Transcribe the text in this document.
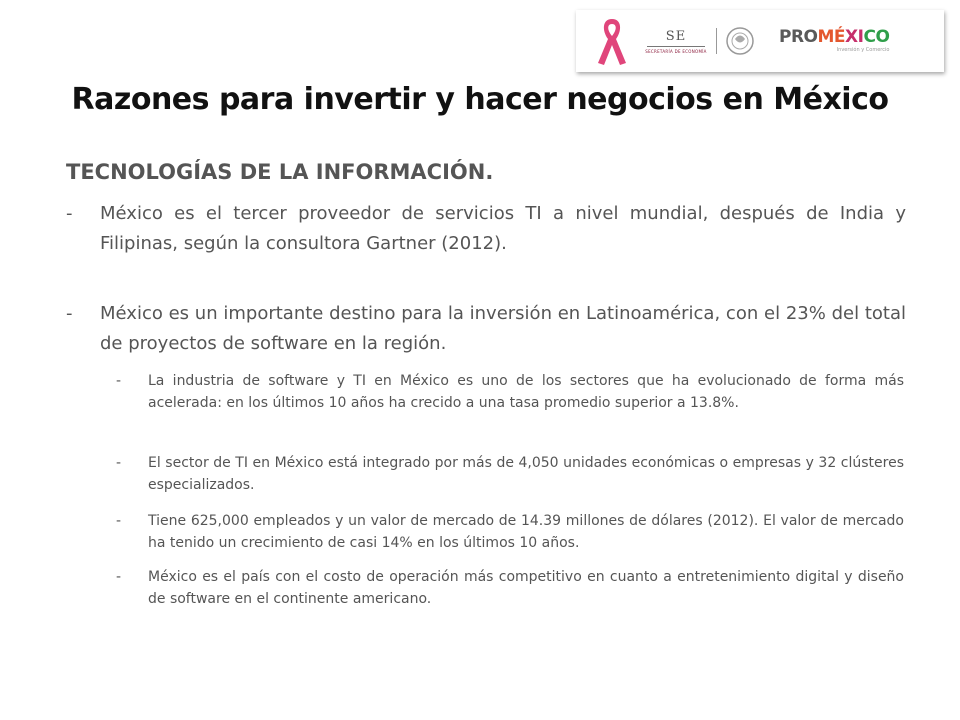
SE
SECRETARÍA DE ECONOMÍA
PROMÉXICO
Inversión y Comercio
Razones para invertir y hacer negocios en México
TECNOLOGÍAS DE LA INFORMACIÓN.
-	México es el tercer proveedor de servicios TI a nivel mundial, después de India y Filipinas, según la consultora Gartner (2012).
-	México es un importante destino para la inversión en Latinoamérica, con el 23% del total de proyectos de software en la región.
-	La industria de software y TI en México es uno de los sectores que ha evolucionado de forma más acelerada: en los últimos 10 años ha crecido a una tasa promedio superior a 13.8%.
-	El sector de TI en México está integrado por más de 4,050 unidades económicas o empresas y 32 clústeres especializados.
-	Tiene 625,000 empleados y un valor de mercado de 14.39 millones de dólares (2012). El valor de mercado ha tenido un crecimiento de casi 14% en los últimos 10 años.
-	México es el país con el costo de operación más competitivo en cuanto a entretenimiento digital y diseño de software en el continente americano.
